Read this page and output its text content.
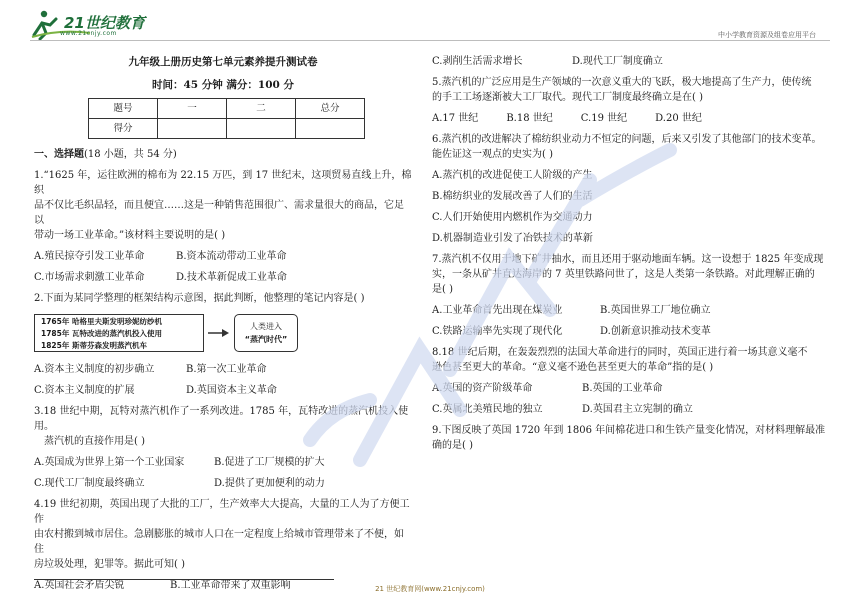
21世纪教育
www.21cnjy.com	中小学教育资源及组卷应用平台
九年级上册历史第七单元素养提升测试卷
时间：45 分钟 满分：100 分
题号	一	二	总分
得分			
一、选择题(18 小题，共 54 分)

1.“1625 年，运往欧洲的棉布为 22.15 万匹，到 17 世纪末，这项贸易直线上升，棉织

品不仅比毛织品轻，而且便宜……这是一种销售范围很广、需求量很大的商品，它足以

带动一场工业革命。”该材料主要说明的是( )

A.殖民掠夺引发工业革命	B.资本流动带动工业革命
C.市场需求刺激工业革命	D.技术革新促成工业革命

2.下面为某同学整理的框架结构示意图，据此判断，他整理的笔记内容是( )

1765年 哈格里夫斯发明珍妮纺纱机
1785年 瓦特改进的蒸汽机投入使用
1825年 斯蒂芬森发明蒸汽机车
人类进入
“蒸汽时代”
A.资本主义制度的初步确立	B.第一次工业革命
C.资本主义制度的扩展	D.英国资本主义革命

3.18 世纪中期，瓦特对蒸汽机作了一系列改进。1785 年，瓦特改进的蒸汽机投入使用。

蒸汽机的直接作用是( )

A.英国成为世界上第一个工业国家	B.促进了工厂规模的扩大
C.现代工厂制度最终确立	D.提供了更加便利的动力

4.19 世纪初期，英国出现了大批的工厂，生产效率大大提高，大量的工人为了方便工作

由农村搬到城市居住。急剧膨胀的城市人口在一定程度上给城市管理带来了不便，如住

房垃圾处理，犯罪等。据此可知( )

A.英国社会矛盾尖锐	B.工业革命带来了双重影响
C.剥削生活需求增长	D.现代工厂制度确立

5.蒸汽机的广泛应用是生产领域的一次意义重大的飞跃，极大地提高了生产力，使传统

的手工工场逐渐被大工厂取代。现代工厂制度最终确立是在( )

A.17 世纪	B.18 世纪	C.19 世纪	D.20 世纪

6.蒸汽机的改进解决了棉纺织业动力不恒定的问题，后来又引发了其他部门的技术变革。

能佐证这一观点的史实为( )

A.蒸汽机的改进促使工人阶级的产生

B.棉纺织业的发展改善了人们的生活

C.人们开始使用内燃机作为交通动力

D.机器制造业引发了冶铁技术的革新

7.蒸汽机不仅用于地下矿井抽水，而且还用于驱动地面车辆。这一设想于 1825 年变成现

实，一条从矿井直达海岸的 7 英里铁路问世了，这是人类第一条铁路。对此理解正确的

是( )

A.工业革命首先出现在煤炭业	B.英国世界工厂地位确立
C.铁路运输率先实现了现代化	D.创新意识推动技术变革

8.18 世纪后期，在轰轰烈烈的法国大革命进行的同时，英国正进行着一场其意义毫不

逊色甚至更大的革命。“意义毫不逊色甚至更大的革命”指的是( )

A.英国的资产阶级革命	B.英国的工业革命
C.英属北美殖民地的独立	D.英国君主立宪制的确立

9.下图反映了英国 1720 年到 1806 年间棉花进口和生铁产量变化情况，对材料理解最准

确的是( )

21 世纪教育网(www.21cnjy.com)
